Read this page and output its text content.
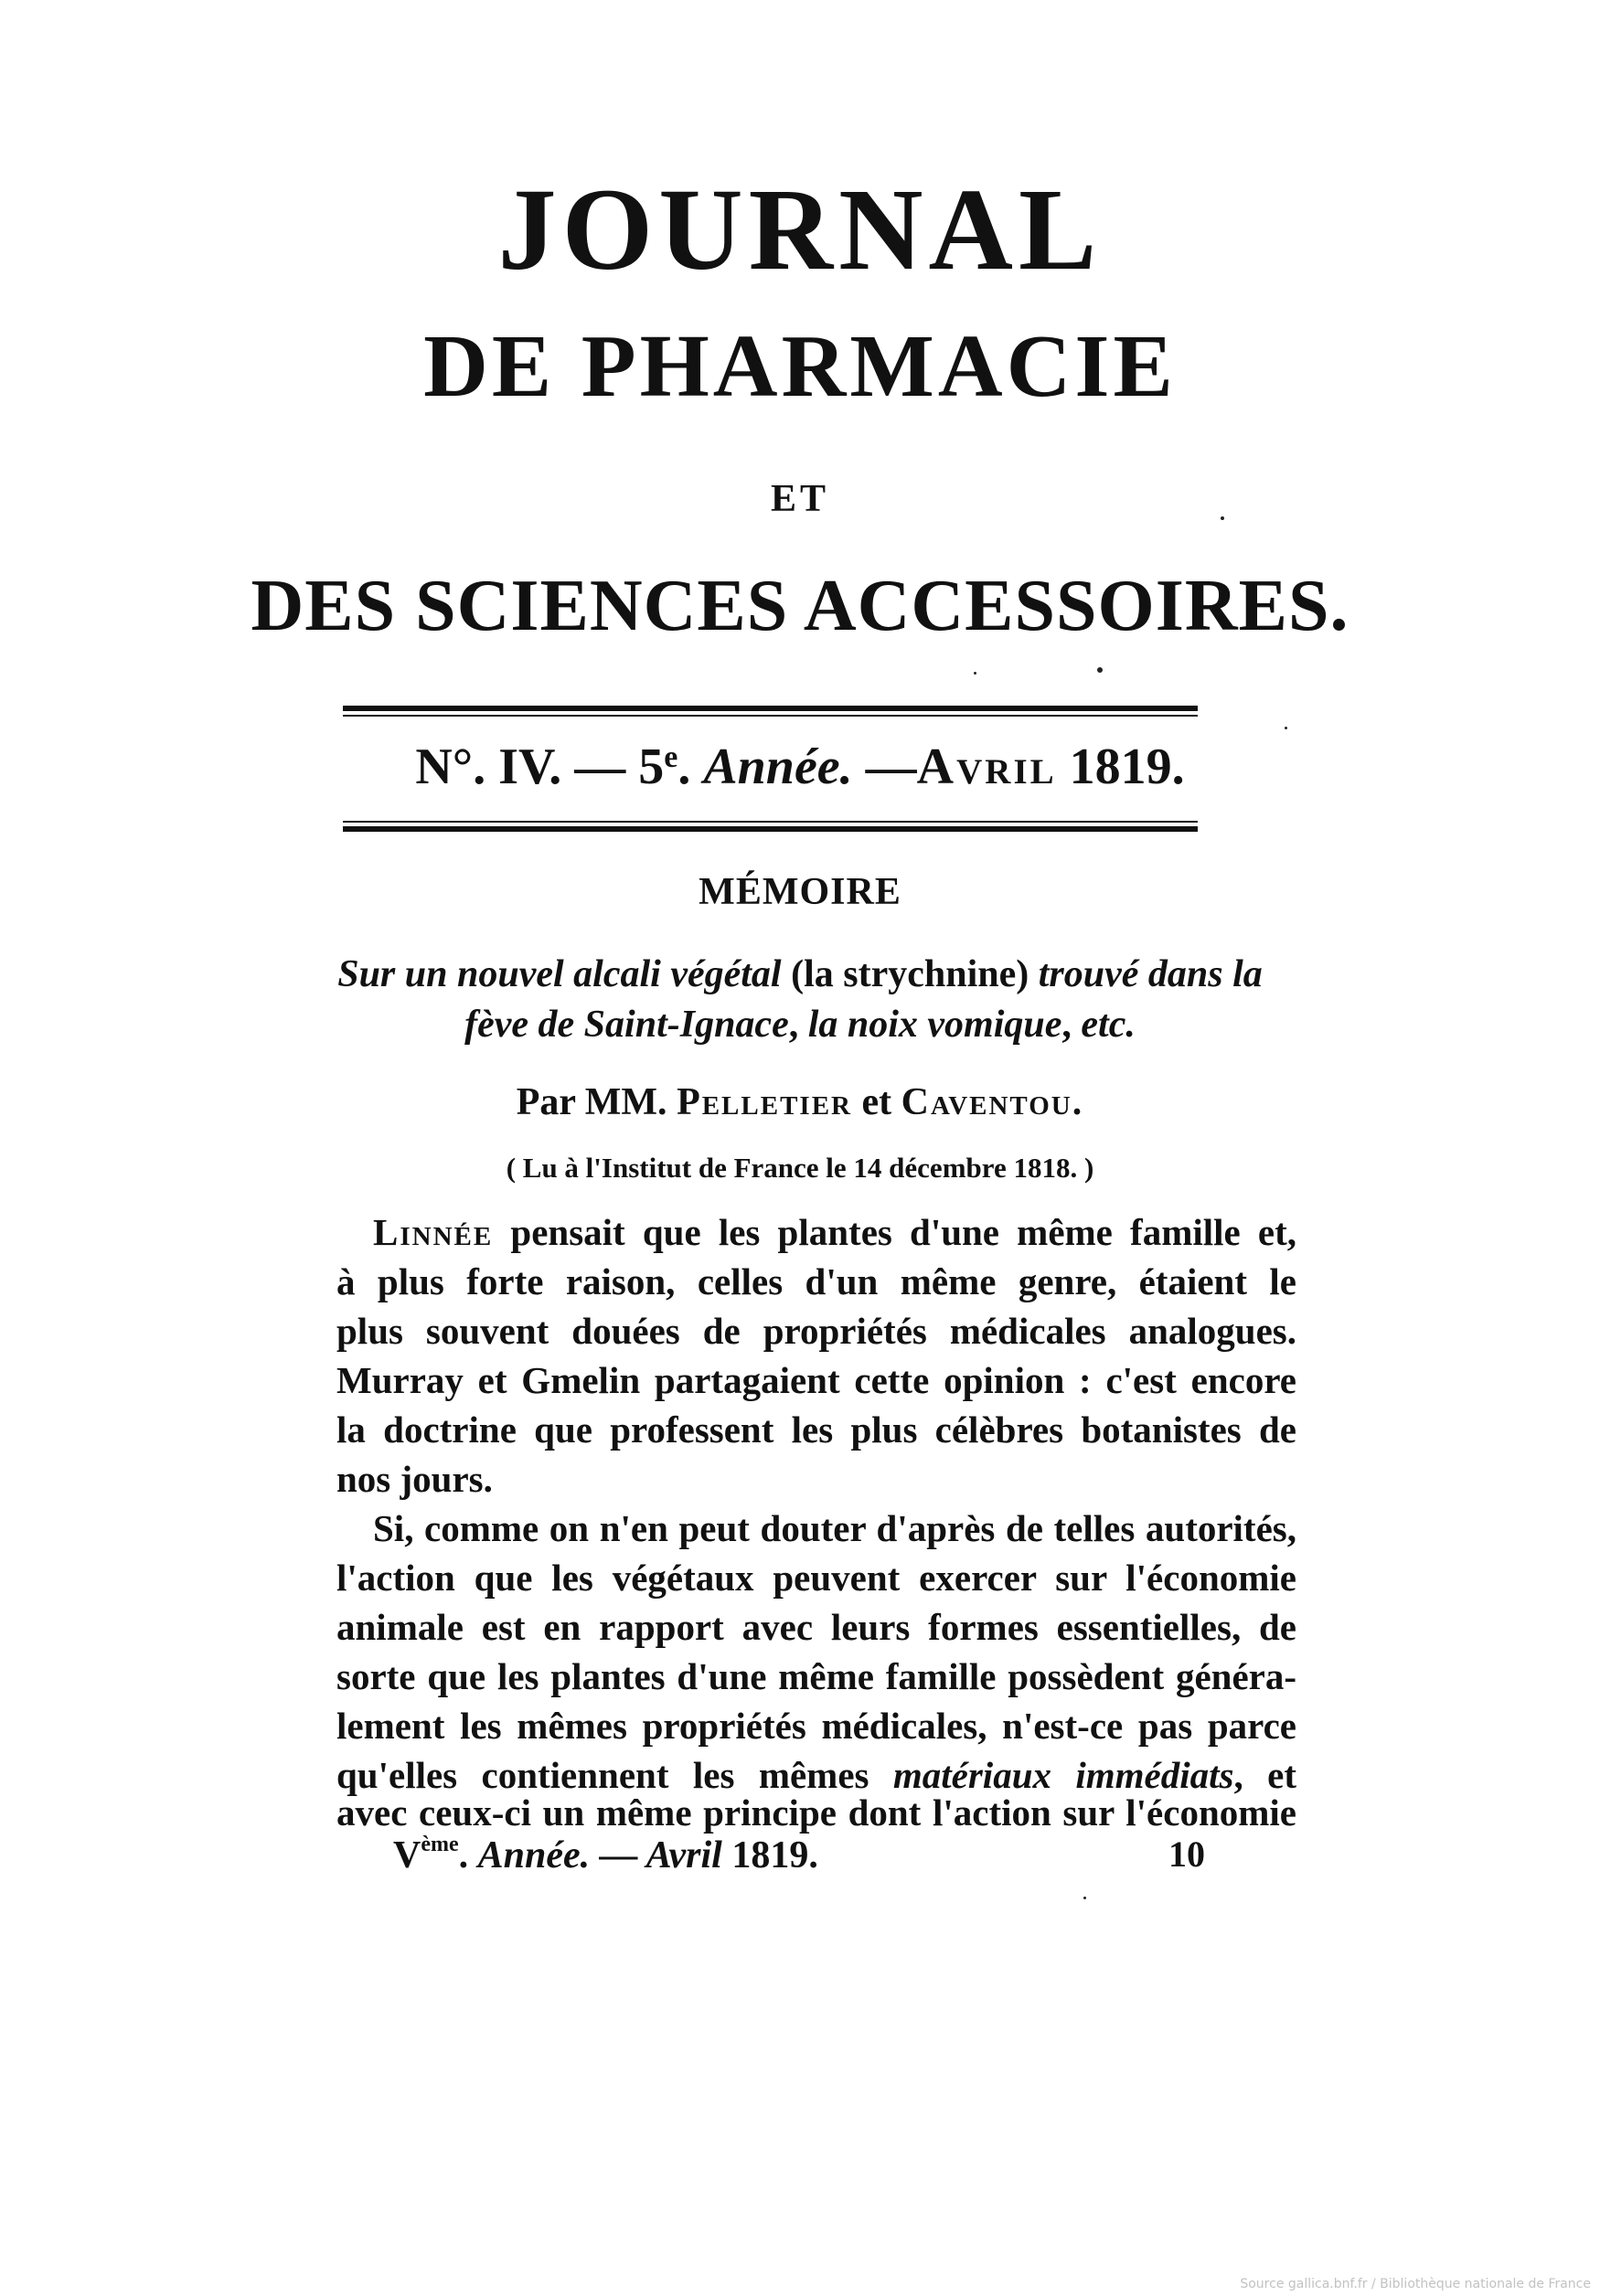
JOURNAL
DE PHARMACIE
ET
DES SCIENCES ACCESSOIRES.
N°. IV. — 5e. Année. —Avril 1819.
MÉMOIRE
Sur un nouvel alcali végétal (la strychnine) trouvé dans la
fève de Saint-Ignace, la noix vomique, etc.
Par MM. Pelletier et Caventou.
( Lu à l'Institut de France le 14 décembre 1818. )
Linnée pensait que les plantes d'une même famille et,
à plus forte raison, celles d'un même genre, étaient le
plus souvent douées de propriétés médicales analogues.
Murray et Gmelin partagaient cette opinion : c'est encore
la doctrine que professent les plus célèbres botanistes de
nos jours.
Si, comme on n'en peut douter d'après de telles autorités,
l'action que les végétaux peuvent exercer sur l'économie
animale est en rapport avec leurs formes essentielles, de
sorte que les plantes d'une même famille possèdent généra-
lement les mêmes propriétés médicales, n'est-ce pas parce
qu'elles contiennent les mêmes matériaux immédiats, et
avec ceux-ci un même principe dont l'action sur l'économie
Vème. Année. — Avril 1819.	10
Source gallica.bnf.fr / Bibliothèque nationale de France
